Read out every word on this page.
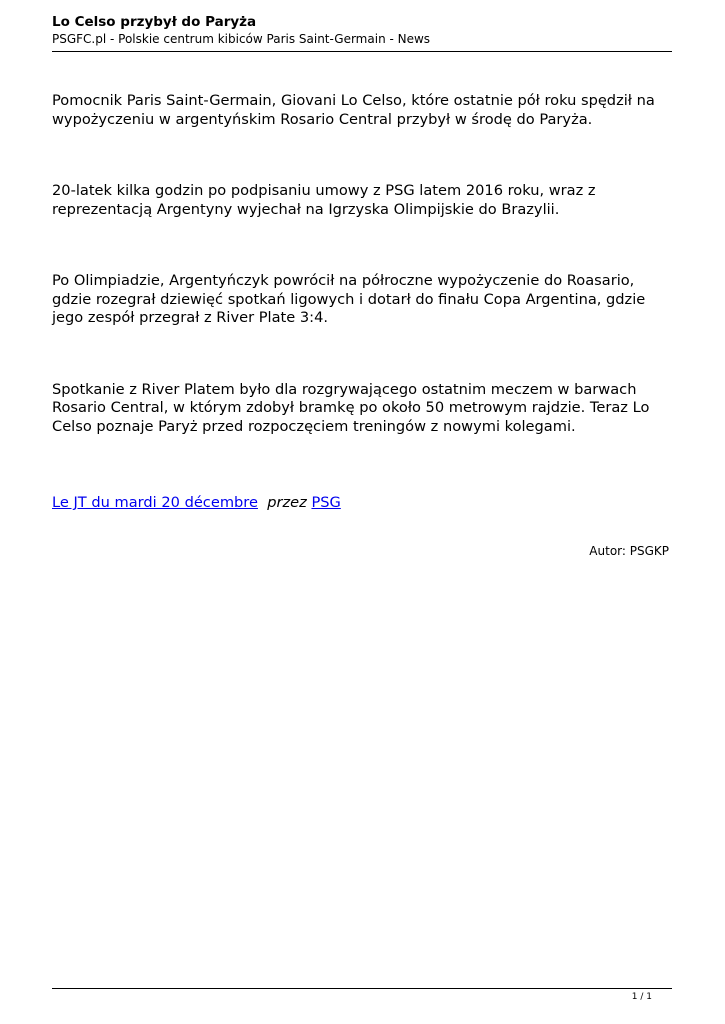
Lo Celso przybył do Paryża

PSGFC.pl - Polskie centrum kibiców Paris Saint-Germain - News

Pomocnik Paris Saint-Germain, Giovani Lo Celso, które ostatnie pół roku spędził na wypożyczeniu w argentyńskim Rosario Central przybył w środę do Paryża.

20-latek kilka godzin po podpisaniu umowy z PSG latem 2016 roku, wraz z reprezentacją Argentyny wyjechał na Igrzyska Olimpijskie do Brazylii.

Po Olimpiadzie, Argentyńczyk powrócił na półroczne wypożyczenie do Roasario, gdzie rozegrał dziewięć spotkań ligowych i dotarł do finału Copa Argentina, gdzie jego zespół przegrał z River Plate 3:4.

Spotkanie z River Platem było dla rozgrywającego ostatnim meczem w barwach Rosario Central, w którym zdobył bramkę po około 50 metrowym rajdzie. Teraz Lo Celso poznaje Paryż przed rozpoczęciem treningów z nowymi kolegami.

Le JT du mardi 20 décembre przez PSG

Autor: PSGKP
1 / 1
